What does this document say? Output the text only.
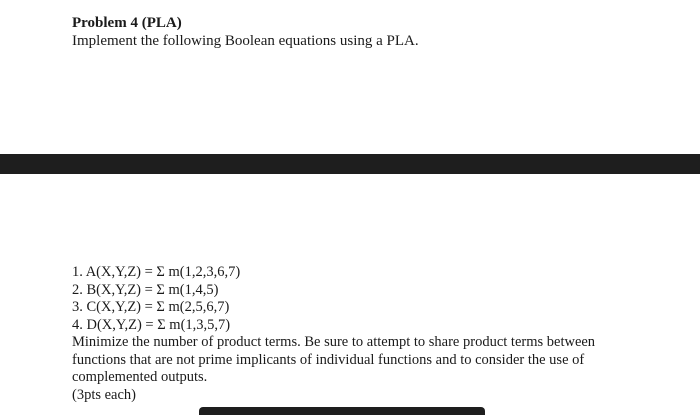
Problem 4 (PLA)
Implement the following Boolean equations using a PLA.
1. A(X,Y,Z) = Σ m(1,2,3,6,7)
2. B(X,Y,Z) = Σ m(1,4,5)
3. C(X,Y,Z) = Σ m(2,5,6,7)
4. D(X,Y,Z) = Σ m(1,3,5,7)

Minimize the number of product terms. Be sure to attempt to share product terms between functions that are not prime implicants of individual functions and to consider the use of complemented outputs.

(3pts each)
